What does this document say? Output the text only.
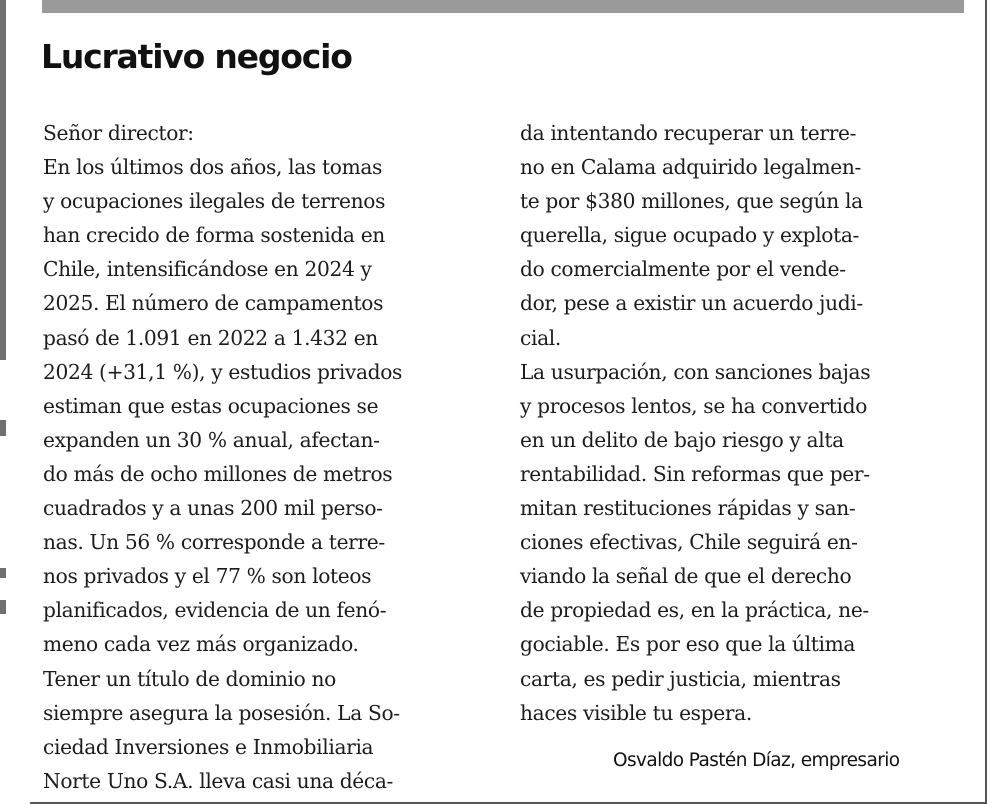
Lucrativo negocio
Señor director:
En los últimos dos años, las tomas
y ocupaciones ilegales de terrenos
han crecido de forma sostenida en
Chile, intensificándose en 2024 y
2025. El número de campamentos
pasó de 1.091 en 2022 a 1.432 en
2024 (+31,1 %), y estudios privados
estiman que estas ocupaciones se
expanden un 30 % anual, afectan-
do más de ocho millones de metros
cuadrados y a unas 200 mil perso-
nas. Un 56 % corresponde a terre-
nos privados y el 77 % son loteos
planificados, evidencia de un fenó-
meno cada vez más organizado.
Tener un título de dominio no
siempre asegura la posesión. La So-
ciedad Inversiones e Inmobiliaria
Norte Uno S.A. lleva casi una déca-
da intentando recuperar un terre-
no en Calama adquirido legalmen-
te por $380 millones, que según la
querella, sigue ocupado y explota-
do comercialmente por el vende-
dor, pese a existir un acuerdo judi-
cial.
La usurpación, con sanciones bajas
y procesos lentos, se ha convertido
en un delito de bajo riesgo y alta
rentabilidad. Sin reformas que per-
mitan restituciones rápidas y san-
ciones efectivas, Chile seguirá en-
viando la señal de que el derecho
de propiedad es, en la práctica, ne-
gociable. Es por eso que la última
carta, es pedir justicia, mientras
haces visible tu espera.
Osvaldo Pastén Díaz, empresario
